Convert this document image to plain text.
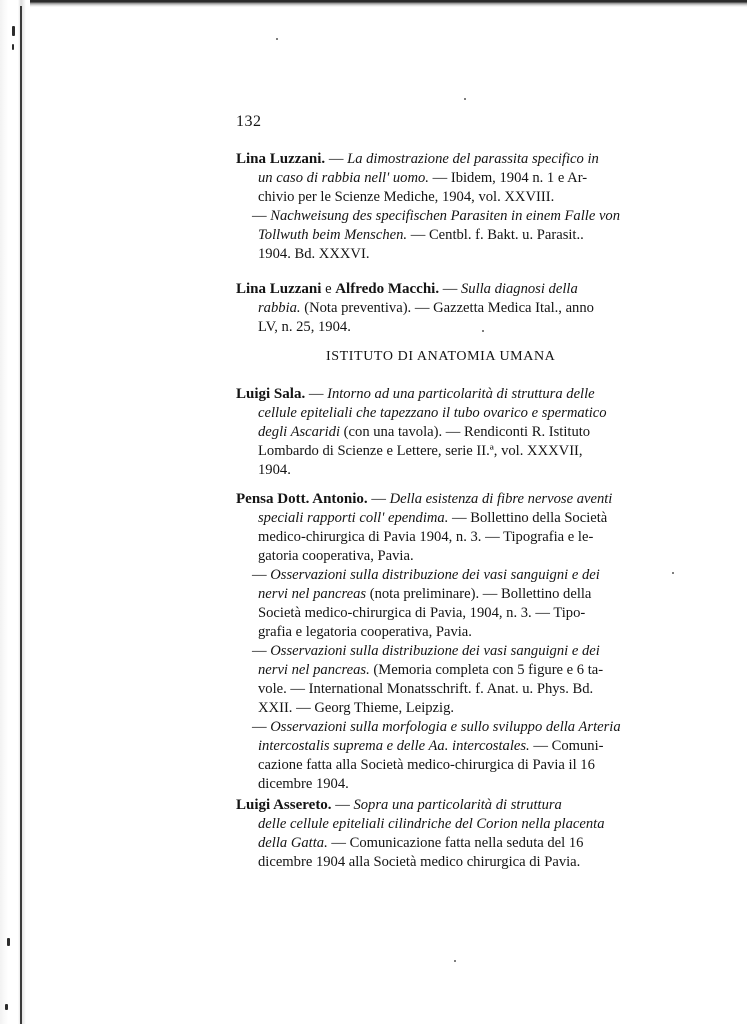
132
Lina Luzzani. — La dimostrazione del parassita specifico in
un caso di rabbia nell' uomo. — Ibidem, 1904 n. 1 e Ar-
chivio per le Scienze Mediche, 1904, vol. XXVIII.
— Nachweisung des specifischen Parasiten in einem Falle von
Tollwuth beim Menschen. — Centbl. f. Bakt. u. Parasit..
1904. Bd. XXXVI.
Lina Luzzani e Alfredo Macchi. — Sulla diagnosi della
rabbia. (Nota preventiva). — Gazzetta Medica Ital., anno
LV, n. 25, 1904.
ISTITUTO DI ANATOMIA UMANA
Luigi Sala. — Intorno ad una particolarità di struttura delle
cellule epiteliali che tapezzano il tubo ovarico e spermatico
degli Ascaridi (con una tavola). — Rendiconti R. Istituto
Lombardo di Scienze e Lettere, serie II.ª, vol. XXXVII,
1904.
Pensa Dott. Antonio. — Della esistenza di fibre nervose aventi
speciali rapporti coll' ependima. — Bollettino della Società
medico-chirurgica di Pavia 1904, n. 3. — Tipografia e le-
gatoria cooperativa, Pavia.
— Osservazioni sulla distribuzione dei vasi sanguigni e dei
nervi nel pancreas (nota preliminare). — Bollettino della
Società medico-chirurgica di Pavia, 1904, n. 3. — Tipo-
grafia e legatoria cooperativa, Pavia.
— Osservazioni sulla distribuzione dei vasi sanguigni e dei
nervi nel pancreas. (Memoria completa con 5 figure e 6 ta-
vole. — International Monatsschrift. f. Anat. u. Phys. Bd.
XXII. — Georg Thieme, Leipzig.
— Osservazioni sulla morfologia e sullo sviluppo della Arteria
intercostalis suprema e delle Aa. intercostales. — Comuni-
cazione fatta alla Società medico-chirurgica di Pavia il 16
dicembre 1904.
Luigi Assereto. — Sopra una particolarità di struttura
delle cellule epiteliali cilindriche del Corion nella placenta
della Gatta. — Comunicazione fatta nella seduta del 16
dicembre 1904 alla Società medico chirurgica di Pavia.
